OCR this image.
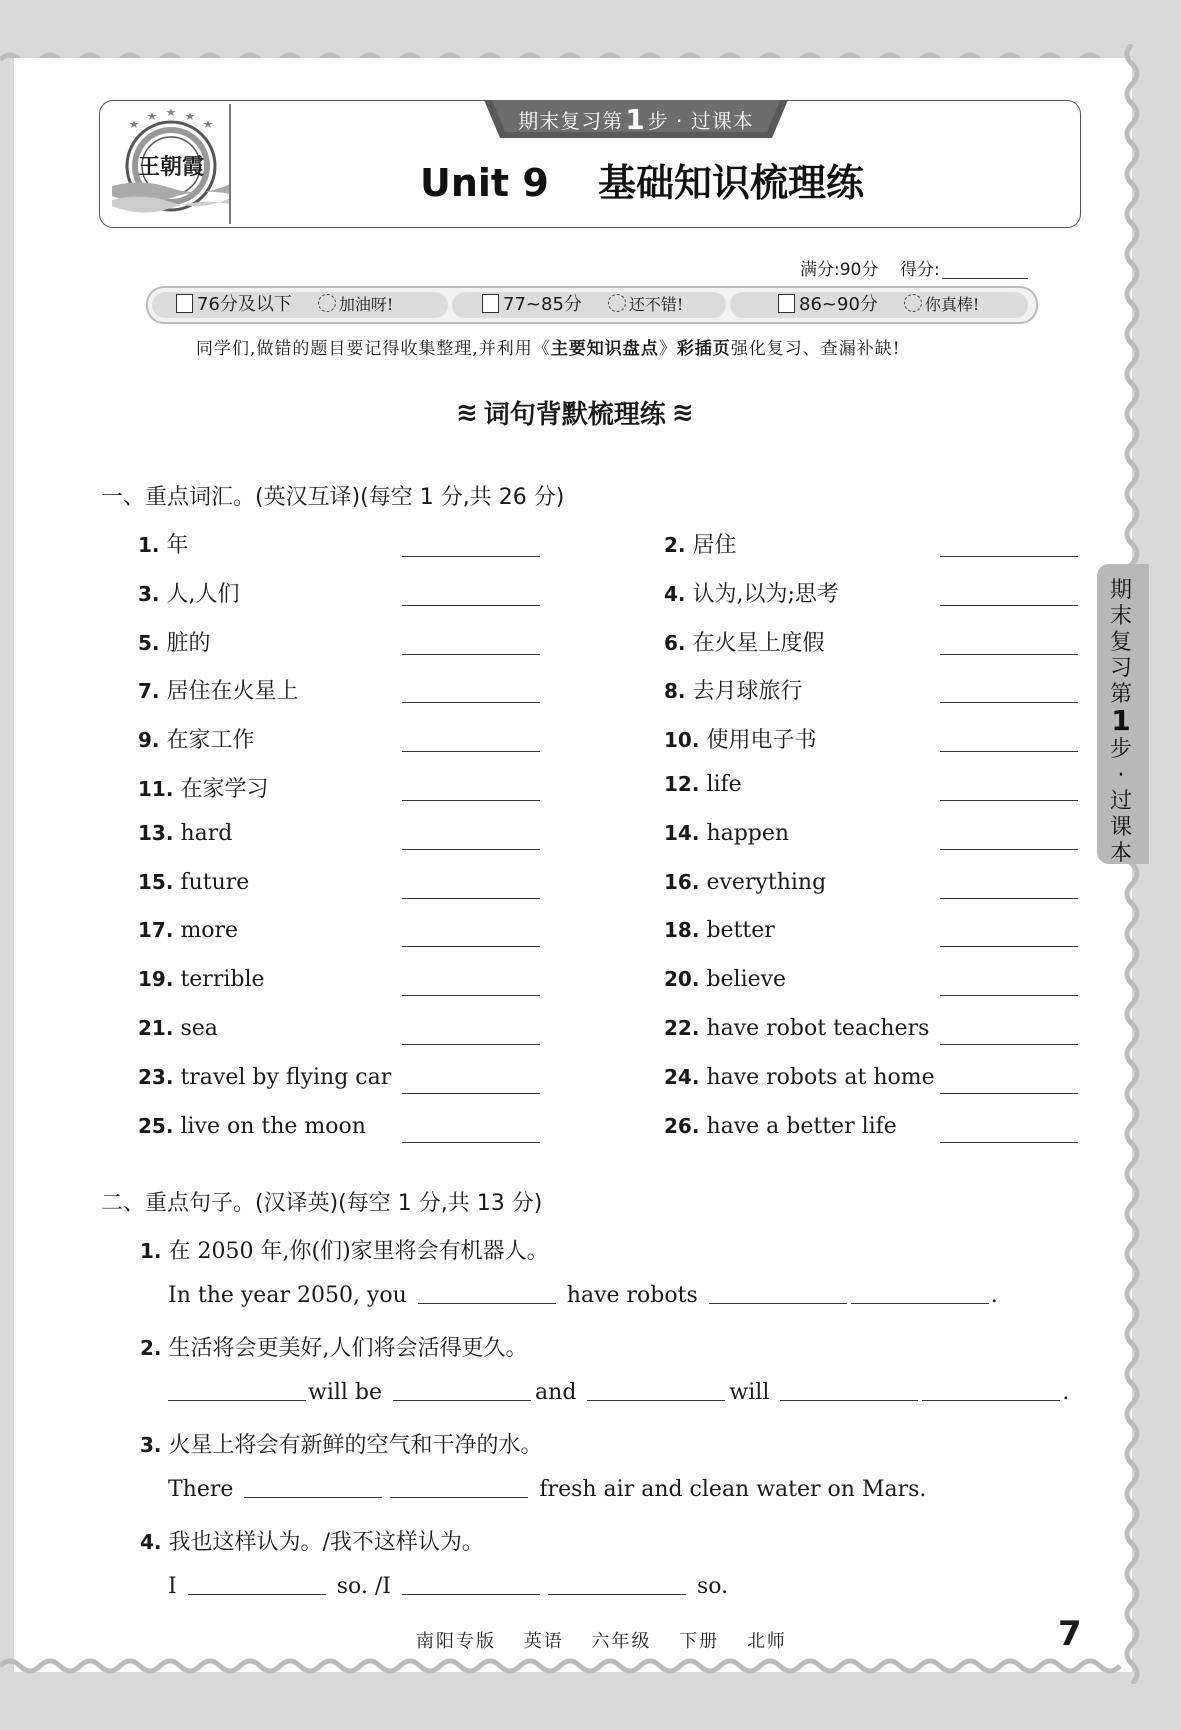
王朝霞
期末复习第 1 步 · 过课本
Unit 9 基础知识梳理练
满分:90分 得分:
76分及以下	加油呀!	77~85分	还不错!	86~90分	你真棒!
同学们,做错的题目要记得收集整理,并利用《主要知识盘点》彩插页强化复习、查漏补缺!
≋ 词句背默梳理练 ≋
一、重点词汇。(英汉互译)(每空 1 分,共 26 分)
1. 年	2. 居住
3. 人,人们	4. 认为,以为;思考
5. 脏的	6. 在火星上度假
7. 居住在火星上	8. 去月球旅行
9. 在家工作	10. 使用电子书
11. 在家学习	12. life
13. hard	14. happen
15. future	16. everything
17. more	18. better
19. terrible	20. believe
21. sea	22. have robot teachers
23. travel by flying car	24. have robots at home
25. live on the moon	26. have a better life
二、重点句子。(汉译英)(每空 1 分,共 13 分)
1. 在 2050 年,你(们)家里将会有机器人。
In the year 2050, you	have robots	.
2. 生活将会更美好,人们将会活得更久。
will be	and	will	.
3. 火星上将会有新鲜的空气和干净的水。
There	fresh air and clean water on Mars.
4. 我也这样认为。/我不这样认为。
I	so. /I	so.
期
末
复
习
第
1
步
·
过
课
本
南阳专版 英语 六年级 下册 北师	7
